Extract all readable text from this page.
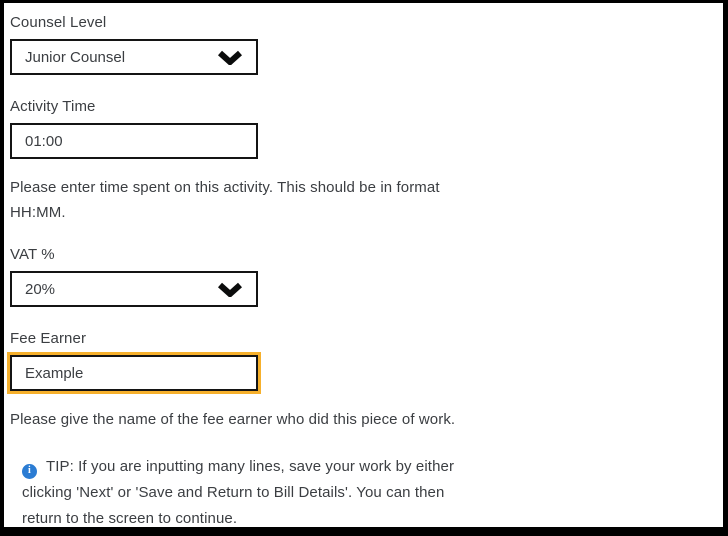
Counsel Level
Junior Counsel
Activity Time
01:00
Please enter time spent on this activity. This should be in format
HH:MM.
VAT %
20%
Fee Earner
Example
Please give the name of the fee earner who did this piece of work.
i TIP: If you are inputting many lines, save your work by either
clicking 'Next' or 'Save and Return to Bill Details'. You can then
return to the screen to continue.
